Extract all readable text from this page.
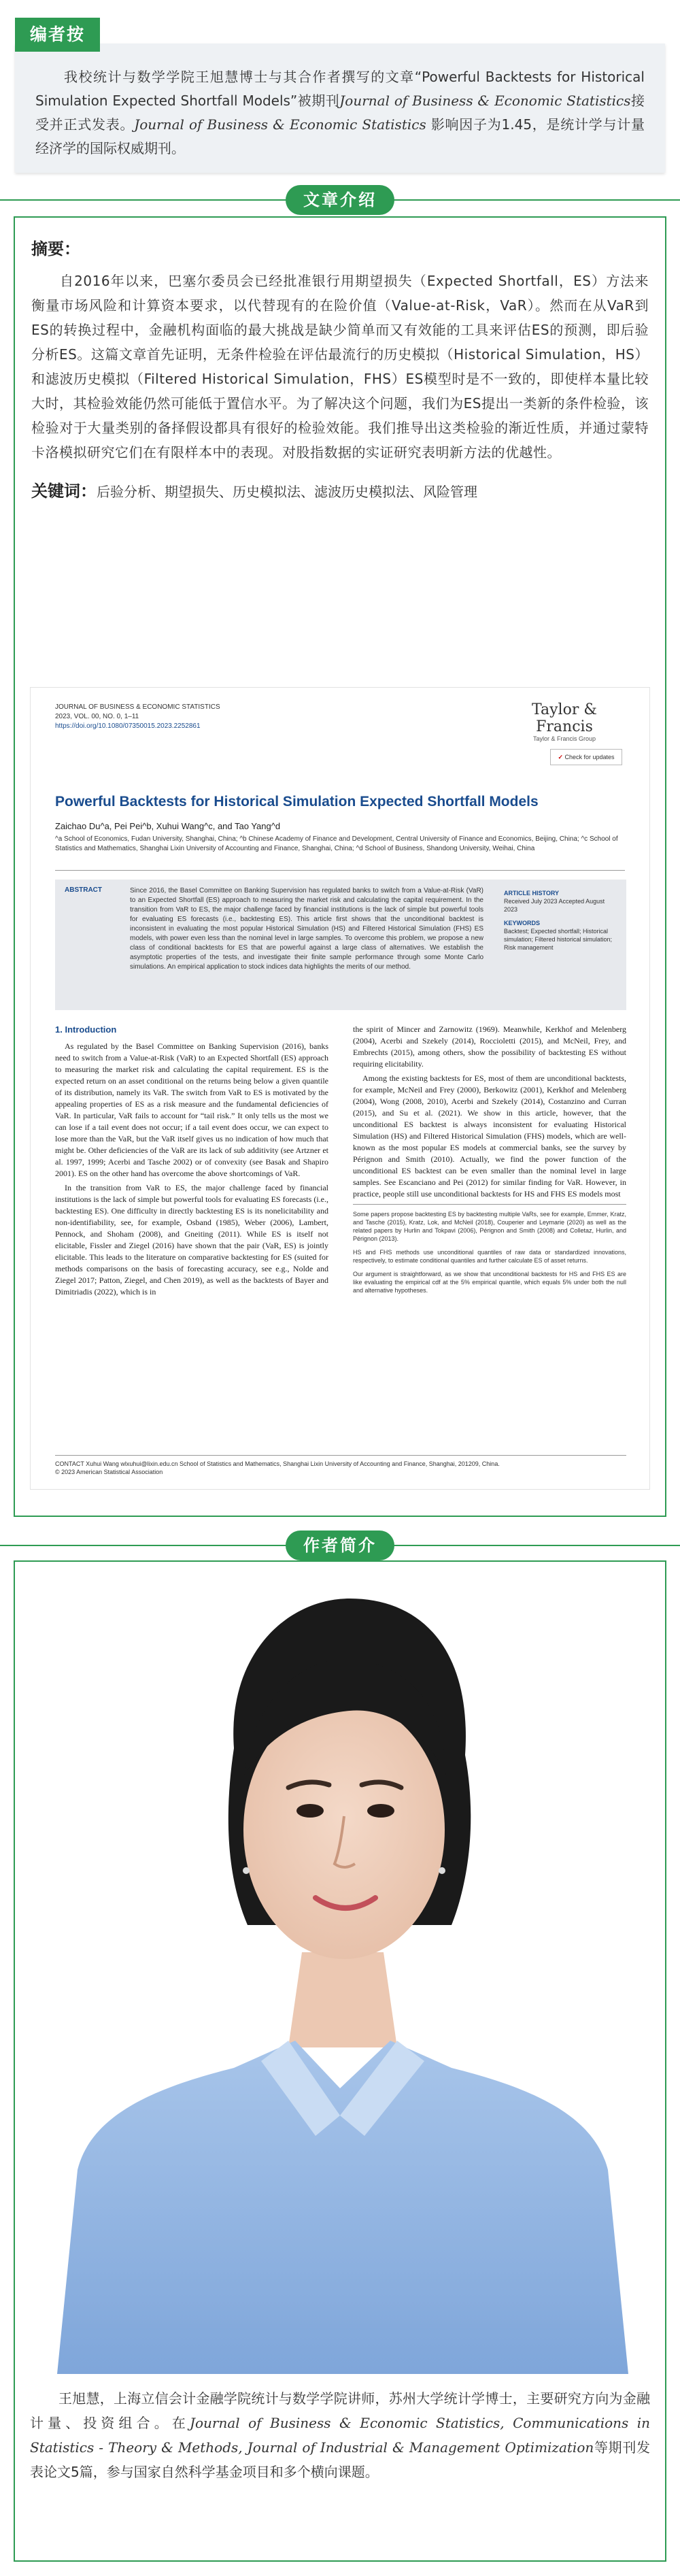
编者按

我校统计与数学学院王旭慧博士与其合作者撰写的文章“Powerful Backtests for Historical Simulation Expected Shortfall Models”被期刊Journal of Business & Economic Statistics接受并正式发表。Journal of Business & Economic Statistics 影响因子为1.45，是统计学与计量经济学的国际权威期刊。

文章介绍
摘要：

自2016年以来，巴塞尔委员会已经批准银行用期望损失（Expected Shortfall，ES）方法来衡量市场风险和计算资本要求，以代替现有的在险价值（Value-at-Risk，VaR）。然而在从VaR到ES的转换过程中，金融机构面临的最大挑战是缺少简单而又有效能的工具来评估ES的预测，即后验分析ES。这篇文章首先证明，无条件检验在评估最流行的历史模拟（Historical Simulation，HS）和滤波历史模拟（Filtered Historical Simulation，FHS）ES模型时是不一致的，即使样本量比较大时，其检验效能仍然可能低于置信水平。为了解决这个问题，我们为ES提出一类新的条件检验，该检验对于大量类别的备择假设都具有很好的检验效能。我们推导出这类检验的渐近性质，并通过蒙特卡洛模拟研究它们在有限样本中的表现。对股指数据的实证研究表明新方法的优越性。

关键词：后验分析、期望损失、历史模拟法、滤波历史模拟法、风险管理

JOURNAL OF BUSINESS & ECONOMIC STATISTICS
2023, VOL. 00, NO. 0, 1–11
https://doi.org/10.1080/07350015.2023.2252861
Taylor & Francis
Taylor & Francis Group
✓ Check for updates
Powerful Backtests for Historical Simulation Expected Shortfall Models
Zaichao Du^a, Pei Pei^b, Xuhui Wang^c, and Tao Yang^d
^a School of Economics, Fudan University, Shanghai, China; ^b Chinese Academy of Finance and Development, Central University of Finance and Economics, Beijing, China; ^c School of Statistics and Mathematics, Shanghai Lixin University of Accounting and Finance, Shanghai, China; ^d School of Business, Shandong University, Weihai, China
ABSTRACT	Since 2016, the Basel Committee on Banking Supervision has regulated banks to switch from a Value-at-Risk (VaR) to an Expected Shortfall (ES) approach to measuring the market risk and calculating the capital requirement. In the transition from VaR to ES, the major challenge faced by financial institutions is the lack of simple but powerful tools for evaluating ES forecasts (i.e., backtesting ES). This article first shows that the unconditional backtest is inconsistent in evaluating the most popular Historical Simulation (HS) and Filtered Historical Simulation (FHS) ES models, with power even less than the nominal level in large samples. To overcome this problem, we propose a new class of conditional backtests for ES that are powerful against a large class of alternatives. We establish the asymptotic properties of the tests, and investigate their finite sample performance through some Monte Carlo simulations. An empirical application to stock indices data highlights the merits of our method.
ARTICLE HISTORY
Received July 2023 Accepted August 2023
KEYWORDS
Backtest; Expected shortfall; Historical simulation; Filtered historical simulation; Risk management
1. Introduction

As regulated by the Basel Committee on Banking Supervision (2016), banks need to switch from a Value-at-Risk (VaR) to an Expected Shortfall (ES) approach to measuring the market risk and calculating the capital requirement. ES is the expected return on an asset conditional on the returns being below a given quantile of its distribution, namely its VaR. The switch from VaR to ES is motivated by the appealing properties of ES as a risk measure and the fundamental deficiencies of VaR. In particular, VaR fails to account for “tail risk.” It only tells us the most we can lose if a tail event does not occur; if a tail event does occur, we can expect to lose more than the VaR, but the VaR itself gives us no indication of how much that might be. Other deficiencies of the VaR are its lack of sub additivity (see Artzner et al. 1997, 1999; Acerbi and Tasche 2002) or of convexity (see Basak and Shapiro 2001). ES on the other hand has overcome the above shortcomings of VaR.

In the transition from VaR to ES, the major challenge faced by financial institutions is the lack of simple but powerful tools for evaluating ES forecasts (i.e., backtesting ES). One difficulty in directly backtesting ES is its nonelicitability and non-identifiability, see, for example, Osband (1985), Weber (2006), Lambert, Pennock, and Shoham (2008), and Gneiting (2011). While ES is itself not elicitable, Fissler and Ziegel (2016) have shown that the pair (VaR, ES) is jointly elicitable. This leads to the literature on comparative backtesting for ES (suited for methods comparisons on the basis of forecasting accuracy, see e.g., Nolde and Ziegel 2017; Patton, Ziegel, and Chen 2019), as well as the backtests of Bayer and Dimitriadis (2022), which is in

the spirit of Mincer and Zarnowitz (1969). Meanwhile, Kerkhof and Melenberg (2004), Acerbi and Szekely (2014), Roccioletti (2015), and McNeil, Frey, and Embrechts (2015), among others, show the possibility of backtesting ES without requiring elicitability.

Among the existing backtests for ES, most of them are unconditional backtests, for example, McNeil and Frey (2000), Berkowitz (2001), Kerkhof and Melenberg (2004), Wong (2008, 2010), Acerbi and Szekely (2014), Costanzino and Curran (2015), and Su et al. (2021). We show in this article, however, that the unconditional ES backtest is always inconsistent for evaluating Historical Simulation (HS) and Filtered Historical Simulation (FHS) models, which are well-known as the most popular ES models at commercial banks, see the survey by Pérignon and Smith (2010). Actually, we find the power function of the unconditional ES backtest can be even smaller than the nominal level in large samples. See Escanciano and Pei (2012) for similar finding for VaR. However, in practice, people still use unconditional backtests for HS and FHS ES models most

Some papers propose backtesting ES by backtesting multiple VaRs, see for example, Emmer, Kratz, and Tasche (2015), Kratz, Lok, and McNeil (2018), Couperier and Leymarie (2020) as well as the related papers by Hurlin and Tokpavi (2006), Pérignon and Smith (2008) and Colletaz, Hurlin, and Pérignon (2013).

HS and FHS methods use unconditional quantiles of raw data or standardized innovations, respectively, to estimate conditional quantiles and further calculate ES of asset returns.

Our argument is straightforward, as we show that unconditional backtests for HS and FHS ES are like evaluating the empirical cdf at the 5% empirical quantile, which equals 5% under both the null and alternative hypotheses.

CONTACT Xuhui Wang wlxuhui@lixin.edu.cn School of Statistics and Mathematics, Shanghai Lixin University of Accounting and Finance, Shanghai, 201209, China.
© 2023 American Statistical Association
作者简介

王旭慧，上海立信会计金融学院统计与数学学院讲师，苏州大学统计学博士，主要研究方向为金融计量、投资组合。在Journal of Business & Economic Statistics, Communications in Statistics - Theory & Methods, Journal of Industrial & Management Optimization等期刊发表论文5篇，参与国家自然科学基金项目和多个横向课题。
